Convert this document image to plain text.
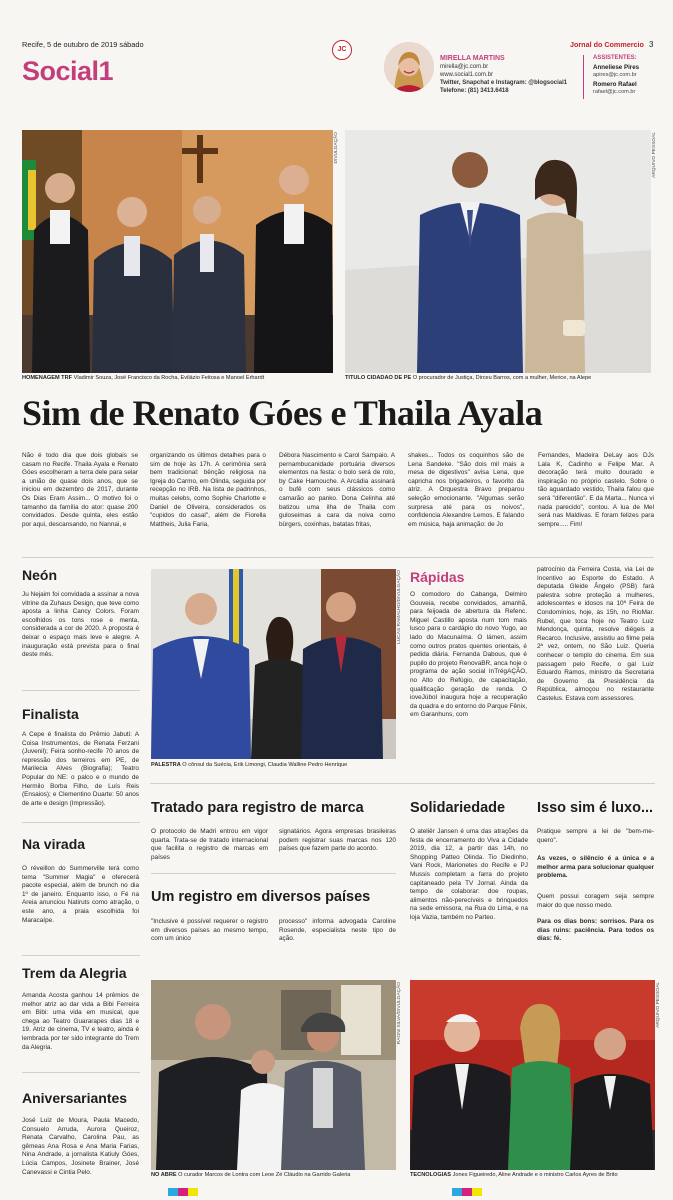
Recife, 5 de outubro de 2019 sábado
Social1
JC
MIRELLA MARTINS
mirella@jc.com.br
www.social1.com.br
Twitter, Snapchat e Instagram: @blogsocial1
Telefone: (81) 3413.6418
Jornal do Commercio 3
ASSISTENTES:
Anneliese Pires
apires@jc.com.br
Romero Rafael
rafael@jc.com.br
DIVULGAÇÃO
HOMENAGEM TRF Vladimir Souza, José Francisco da Rocha, Evilázio Feitosa e Manoel Erhardt
ARQUIVO PESSOAL
TÍTULO CIDADÃO DE PE O procurador de Justiça, Dirceu Barros, com a mulher, Merice, na Alepe
Sim de Renato Góes e Thaila Ayala
Não é todo dia que dois globais se casam no Recife. Thaila Ayala e Renato Góes escolheram a terra dele para selar a união de quase dois anos, que se iniciou em dezembro de 2017, durante Os Dias Eram Assim... O motivo foi o tamanho da família do ator: quase 200 convidados. Desde quinta, eles estão por aqui, descansando, no Nannai, e
organizando os últimos detalhes para o sim de hoje às 17h. A cerimônia será bem tradicional: bênção religiosa na Igreja do Carmo, em Olinda, seguida por recepção no IRB. Na lista de padrinhos, muitas celebs, como Sophie Charlotte e Daniel de Oliveira, considerados os "cupidos do casal", além de Fiorella Mattheis, Julia Faria,
Débora Nascimento e Carol Sampaio. A pernambucanidade portuária diversos elementos na festa: o bolo será de rolo, by Cake Hamouche. A Arcádia assinará o bufê com seus clássicos como camarão ao panko. Dona Celinha até batizou uma ilha de Thaila com guloseimas a cara da noiva como bûrgers, coxinhas, batatas fritas,
shakes... Todos os coquinhos são de Lena Sandeke. "São dois mil mais a mesa de digestivos" avisa Lena, que capricha nos brigadeiros, o favorito da atriz. A Orquestra Bravo preparou seleção emocionante. "Algumas serão surpresa até para os noivos", confidencia Alexandre Lemos. E falando em música, haja animação: de Jo
Fernandes, Madeira DeLay aos DJs Lala K, Cadinho e Felipe Mar. A decoração terá muito dourado e inspiração no próprio castelo. Sobre o tão aguardado vestido, Thaila falou que será "diferentão". E da Marta... Nunca vi nada parecido", contou. A lua de Mel será nas Maldivas. E foram felizes para sempre..... Fim!
Neón
Ju Nejaim foi convidada a assinar a nova vitrine da Zuhaus Design, que teve como aposta a linha Cancy Colors. Foram escolhidos os tons rose e menta, considerada a cor de 2020. A proposta é deixar o espaço mais leve e alegre. A inauguração está prevista para o final deste mês.
Finalista
A Cepe é finalista do Prêmio Jabuti: A Coisa Instrumentos, de Renata Ferzani (Juvenil); Feira sonho-recife 70 anos de repressão dos terreiros em PE, de Marilecia Alves (Biografia); Teatro Popular do NE: o palco e o mundo de Hermilo Borba Filho, de Luís Reis (Ensaios); e Clementino Duarte: 50 anos de arte e design (Impressão).
Na virada
O réveillon do Summerville terá como tema "Summer Magia" e oferecerá pacote especial, além de brunch no dia 1º de janeiro. Enquanto isso, o Fé na Areia anunciou Natiruts como atração, o este ano, a praia escolhida foi Maracaípe.
Trem da Alegria
Amanda Acosta ganhou 14 prêmios de melhor atriz ao dar vida a Bibi Ferreira em Bibi: uma vida em musical, que chega ao Teatro Guararapes dias 18 e 19. Atriz de cinema, TV e teatro, ainda é lembrada por ter sido integrante do Trem da Alegria.
Aniversariantes
José Luiz de Moura, Paula Macedo, Consuelo Arruda, Aurora Queiroz, Renata Carvalho, Carolina Pau, as gêmeas Ana Rosa e Ana Maria Farias, Nina Andrade, a jornalista Katiuly Góes, Lúcia Campos, Josinete Brainer, José Canevassi e Cintia Pelo.
LUCAS RAMALHO/DIVULGAÇÃO
PALESTRA O cônsul da Suécia, Erik Limongi, Claudia Walline Pedro Henrique
Rápidas
O comodoro do Cabanga, Delmiro Gouveia, recebe convidados, amanhã, para feijoada de abertura da Refenc. Miguel Castillo aposta num tom mais lusco para o cardápio do novo Yugo, ao lado do Macunaíma. O lámen, assim como outros pratos quentes orientais, é pedida diária. Fernanda Dabous, que é pupilo do projeto RenovaBR, anca hoje o programa de ação social InTrégAÇÃO, no Alto do Refúgio, de capacitação, qualificação geração de renda. O ioveJúbol inaugura hoje a recuperação da quadra e do entorno do Parque Fênix, em Garanhuns, com
patrocínio da Ferreira Costa, via Lei de Incentivo ao Esporte do Estado. A deputada Gleide Ângelo (PSB) fará palestra sobre proteção a mulheres, adolescentes e idosos na 10ª Feira de Condomínios, hoje, às 15h, no RioMar. Rubel, que toca hoje no Teatro Luiz Mendonça, quinta, resolve diégeis a Recarco. Inclusive, assistiu ao filme pela 2ª vez, ontem, no São Luiz. Queria conhecer o templo do cinema. Em sua passagem pelo Recife, o gal Luiz Eduardo Ramos, ministro da Secretaria de Governo da Presidência da República, almoçou no restaurante Castelus. Estava com assessores.
Tratado para registro de marca
O protocolo de Madri entrou em vigor quarta. Trata-se de tratado internacional que facilita o registro de marcas em países
signatários. Agora empresas brasileiras podem registrar suas marcas nos 120 países que fazem parte do acordo.
Um registro em diversos países
"Inclusive é possível requerer o registro em diversos países ao mesmo tempo, com um único
processo" informa advogada Caroline Rosende, especialista neste tipo de ação.
Solidariedade
O ateliêr Jansen é uma das atrações da festa de encerramento do Viva a Cidade 2019, dia 12, a partir das 14h, no Shopping Patteo Olinda. Tio Diedinho, Vani Rock, Marionetes do Recife e PJ Mussis completam a farra do projeto capitaneado pela TV Jornal. Ainda da tempo de colaborar: doe roupas, alimentos não-perecíveis e brinquedos na sede emissora, na Rua do Lima, e na loja Vazia, também no Parteo.
Isso sim é luxo...
Pratique sempre a lei de "bem-me-quero".
Às vezes, o silêncio é a única e a melhor arma para solucionar qualquer problema.
Quem possui coragem seja sempre maior do que nosso medo.
Para os dias bons: sorrisos. Para os dias ruins: paciência. Para todos os dias: fé.
RAONI SILVA/DIVULGAÇÃO
NO ABRE O curador Marcos de Lontra com Leoe Zé Cláudio na Garrido Galeria
ARQUIVO PESSOAL
TECNOLOGIAS Jones Figueiredo, Aline Andrade e o ministro Carlos Ayres de Brito
